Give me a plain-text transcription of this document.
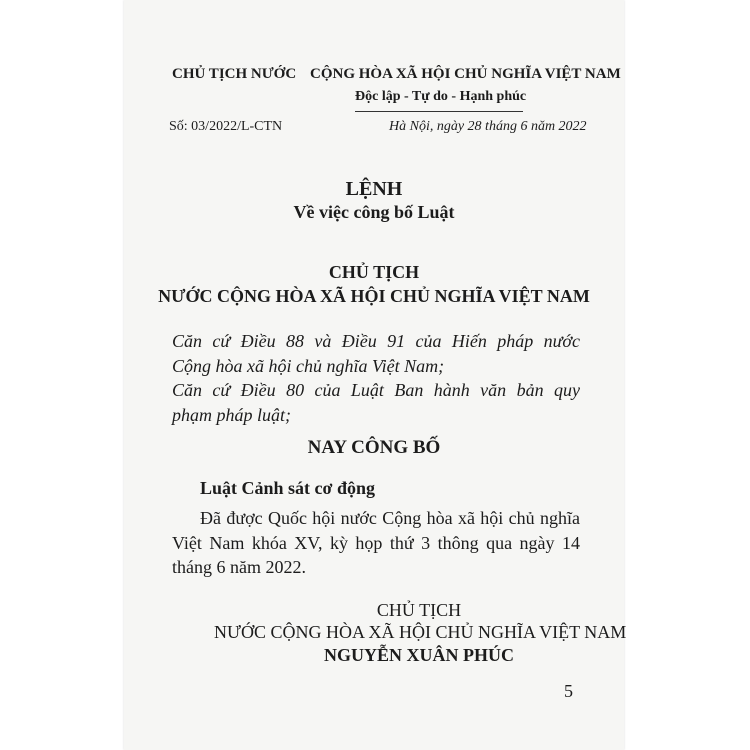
CHỦ TỊCH NƯỚC CỘNG HÒA XÃ HỘI CHỦ NGHĨA VIỆT NAM
Độc lập - Tự do - Hạnh phúc
Số: 03/2022/L-CTN	Hà Nội, ngày 28 tháng 6 năm 2022
LỆNH
Về việc công bố Luật
CHỦ TỊCH
NƯỚC CỘNG HÒA XÃ HỘI CHỦ NGHĨA VIỆT NAM
Căn cứ Điều 88 và Điều 91 của Hiến pháp nước
Cộng hòa xã hội chủ nghĩa Việt Nam;
Căn cứ Điều 80 của Luật Ban hành văn bản quy
phạm pháp luật;
NAY CÔNG BỐ
Luật Cảnh sát cơ động
Đã được Quốc hội nước Cộng hòa xã hội chủ nghĩa
Việt Nam khóa XV, kỳ họp thứ 3 thông qua ngày 14
tháng 6 năm 2022.
CHỦ TỊCH
NƯỚC CỘNG HÒA XÃ HỘI CHỦ NGHĨA VIỆT NAM
NGUYỄN XUÂN PHÚC
5
